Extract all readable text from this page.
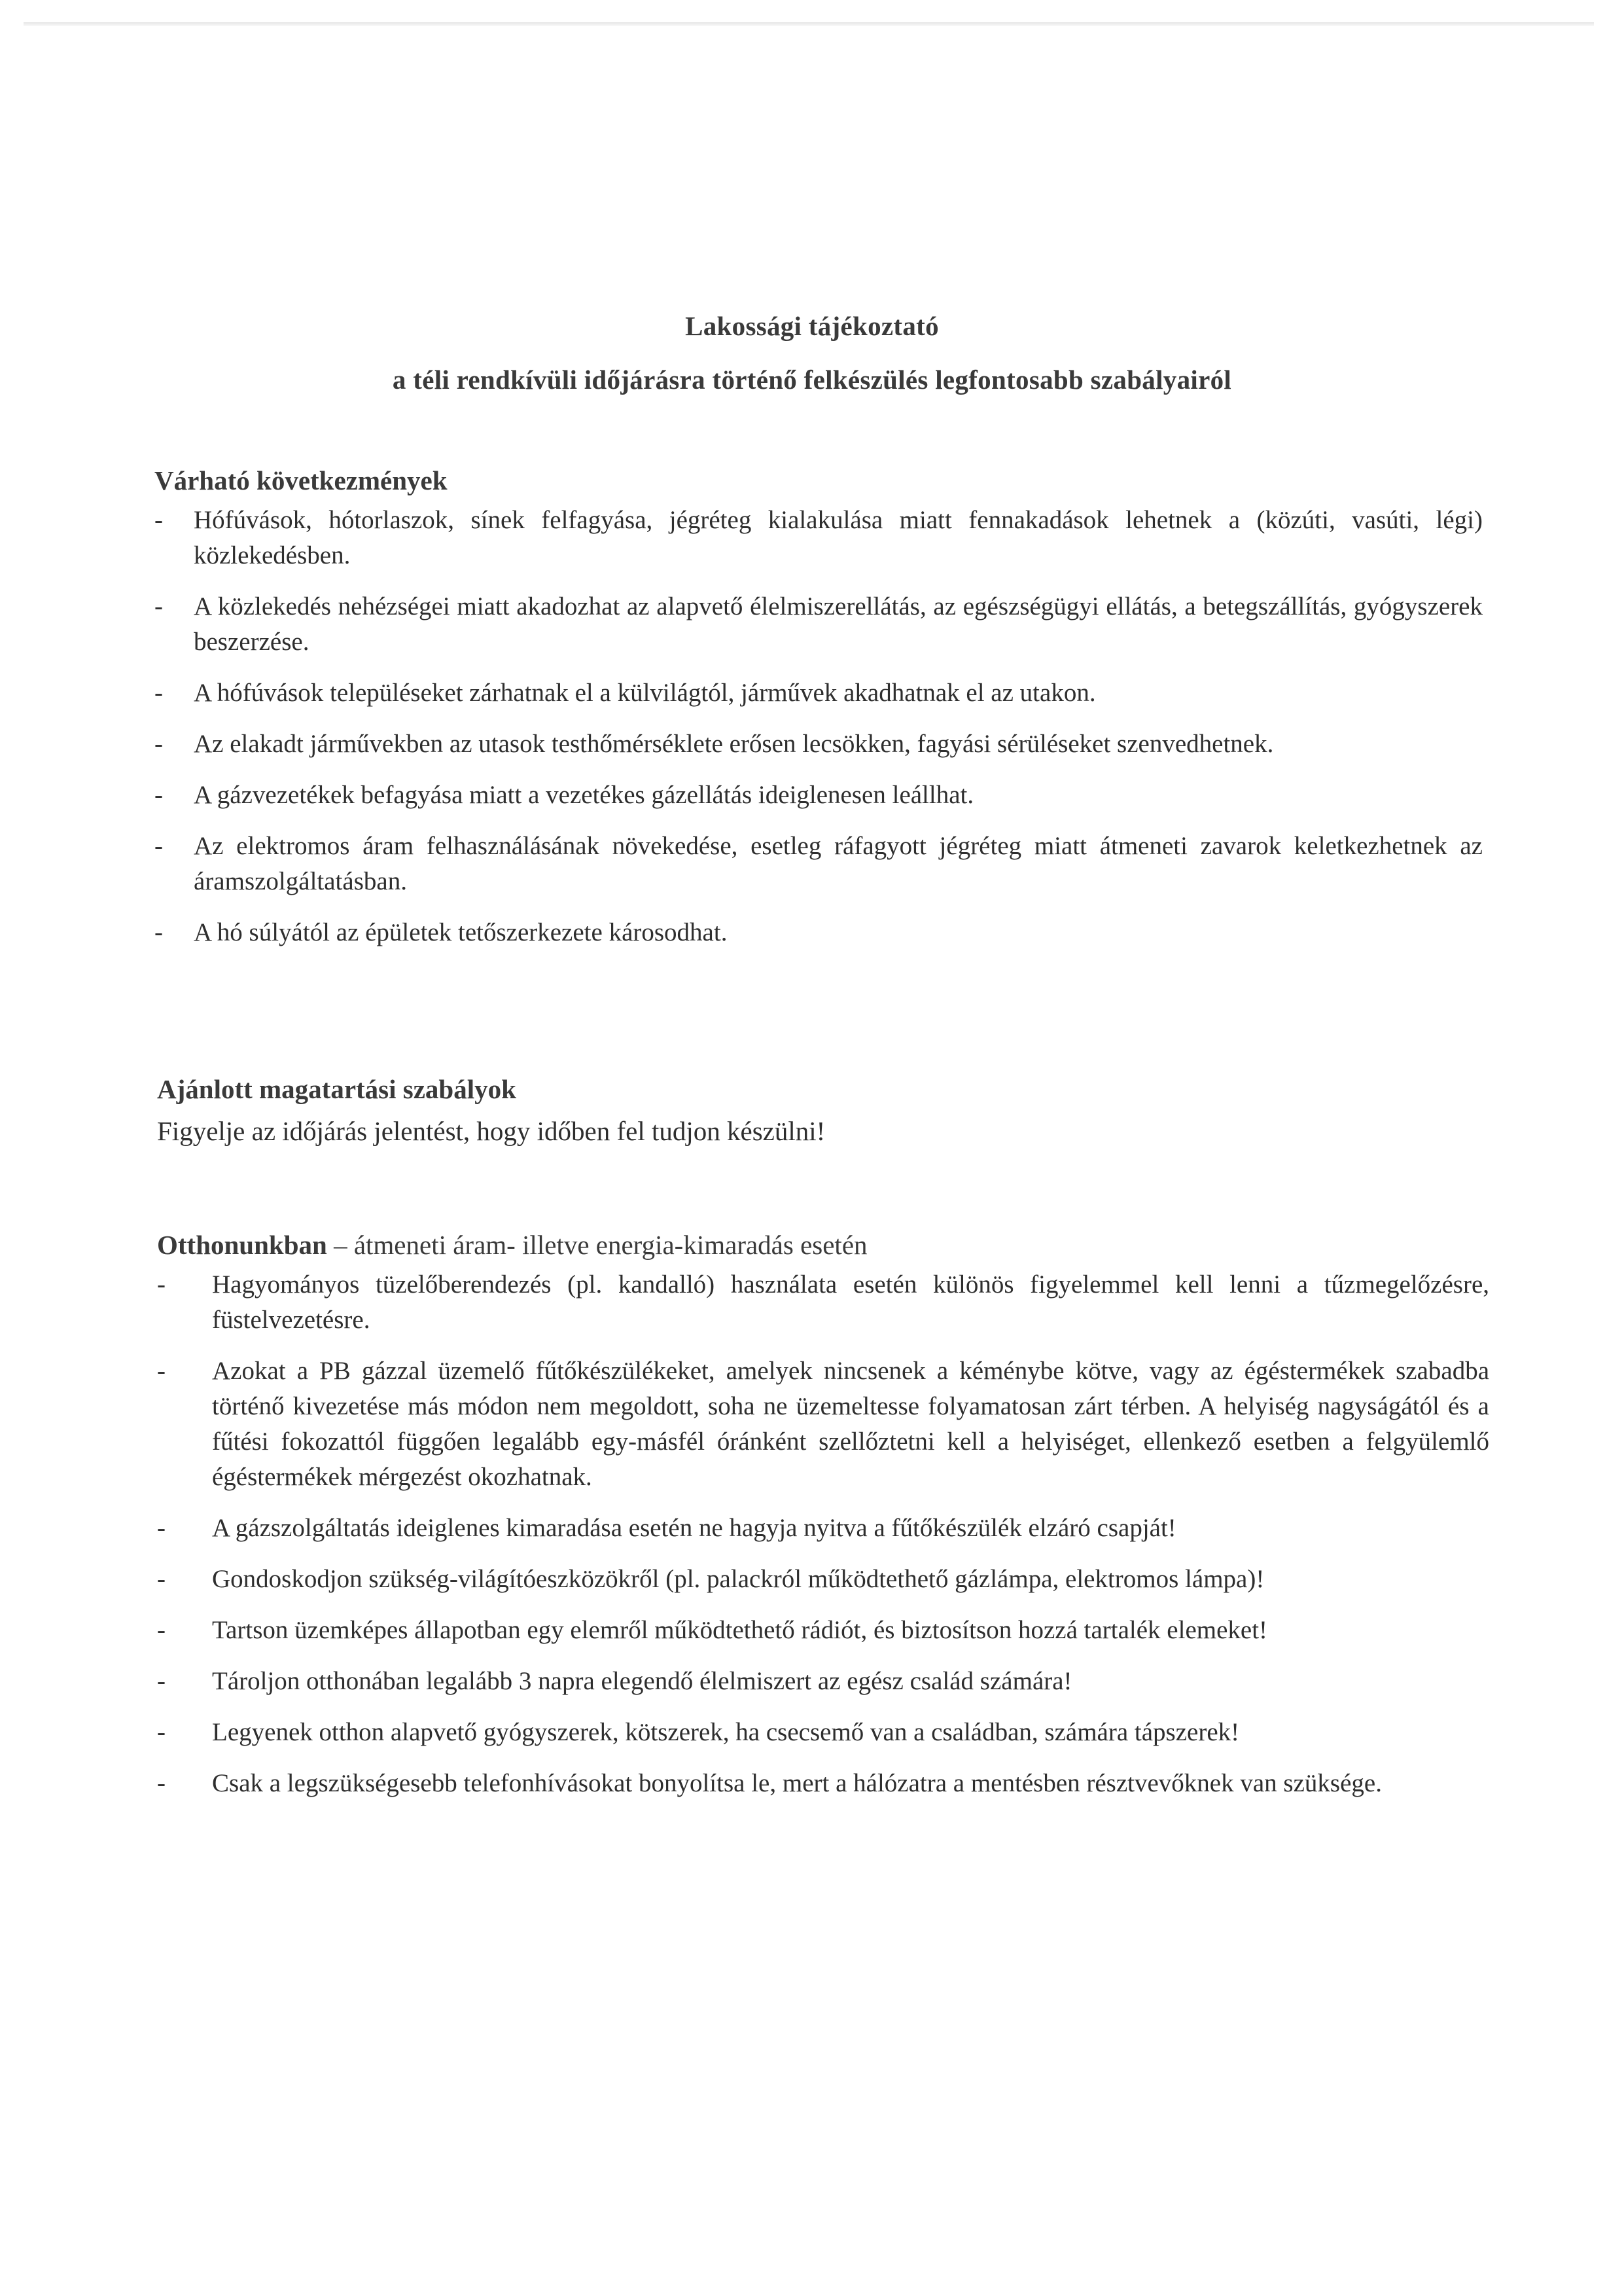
Lakossági tájékoztató
a téli rendkívüli időjárásra történő felkészülés legfontosabb szabályairól
Várható következmények
- Hófúvások, hótorlaszok, sínek felfagyása, jégréteg kialakulása miatt fennakadások lehetnek a (közúti, vasúti, légi) közlekedésben.
- A közlekedés nehézségei miatt akadozhat az alapvető élelmiszerellátás, az egészségügyi ellátás, a betegszállítás, gyógyszerek beszerzése.
- A hófúvások településeket zárhatnak el a külvilágtól, járművek akadhatnak el az utakon.
- Az elakadt járművekben az utasok testhőmérséklete erősen lecsökken, fagyási sérüléseket szenvedhetnek.
- A gázvezetékek befagyása miatt a vezetékes gázellátás ideiglenesen leállhat.
- Az elektromos áram felhasználásának növekedése, esetleg ráfagyott jégréteg miatt átmeneti zavarok keletkezhetnek az áramszolgáltatásban.
- A hó súlyától az épületek tetőszerkezete károsodhat.
Ajánlott magatartási szabályok

Figyelje az időjárás jelentést, hogy időben fel tudjon készülni!

Otthonunkban – átmeneti áram- illetve energia-kimaradás esetén
- Hagyományos tüzelőberendezés (pl. kandalló) használata esetén különös figyelemmel kell lenni a tűzmegelőzésre, füstelvezetésre.
- Azokat a PB gázzal üzemelő fűtőkészülékeket, amelyek nincsenek a kéménybe kötve, vagy az égéstermékek szabadba történő kivezetése más módon nem megoldott, soha ne üzemeltesse folyamatosan zárt térben. A helyiség nagyságától és a fűtési fokozattól függően legalább egy-másfél óránként szellőztetni kell a helyiséget, ellenkező esetben a felgyülemlő égéstermékek mérgezést okozhatnak.
- A gázszolgáltatás ideiglenes kimaradása esetén ne hagyja nyitva a fűtőkészülék elzáró csapját!
- Gondoskodjon szükség-világítóeszközökről (pl. palackról működtethető gázlámpa, elektromos lámpa)!
- Tartson üzemképes állapotban egy elemről működtethető rádiót, és biztosítson hozzá tartalék elemeket!
- Tároljon otthonában legalább 3 napra elegendő élelmiszert az egész család számára!
- Legyenek otthon alapvető gyógyszerek, kötszerek, ha csecsemő van a családban, számára tápszerek!
- Csak a legszükségesebb telefonhívásokat bonyolítsa le, mert a hálózatra a mentésben résztvevőknek van szüksége.
